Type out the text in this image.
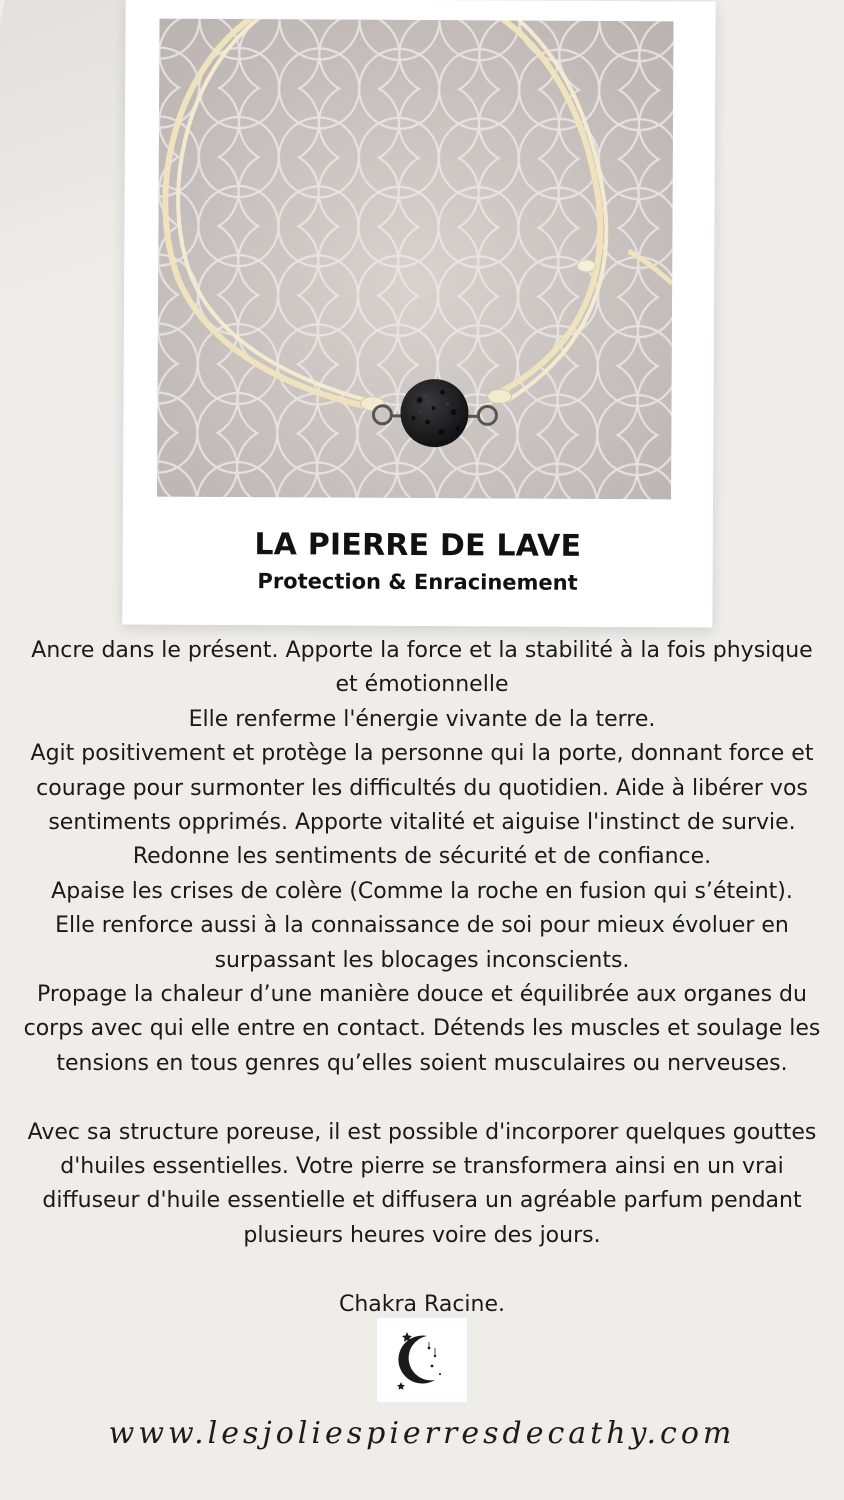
LA PIERRE DE LAVE
Protection & Enracinement

Ancre dans le présent. Apporte la force et la stabilité à la fois physique et émotionnelle

Elle renferme l'énergie vivante de la terre.

Agit positivement et protège la personne qui la porte, donnant force et courage pour surmonter les difficultés du quotidien. Aide à libérer vos sentiments opprimés. Apporte vitalité et aiguise l'instinct de survie. Redonne les sentiments de sécurité et de confiance.

Apaise les crises de colère (Comme la roche en fusion qui s’éteint).

Elle renforce aussi à la connaissance de soi pour mieux évoluer en surpassant les blocages inconscients.

Propage la chaleur d’une manière douce et équilibrée aux organes du corps avec qui elle entre en contact. Détends les muscles et soulage les tensions en tous genres qu’elles soient musculaires ou nerveuses.

Avec sa structure poreuse, il est possible d'incorporer quelques gouttes d'huiles essentielles. Votre pierre se transformera ainsi en un vrai diffuseur d'huile essentielle et diffusera un agréable parfum pendant plusieurs heures voire des jours.

Chakra Racine.

www.lesjoliespierresdecathy.com
